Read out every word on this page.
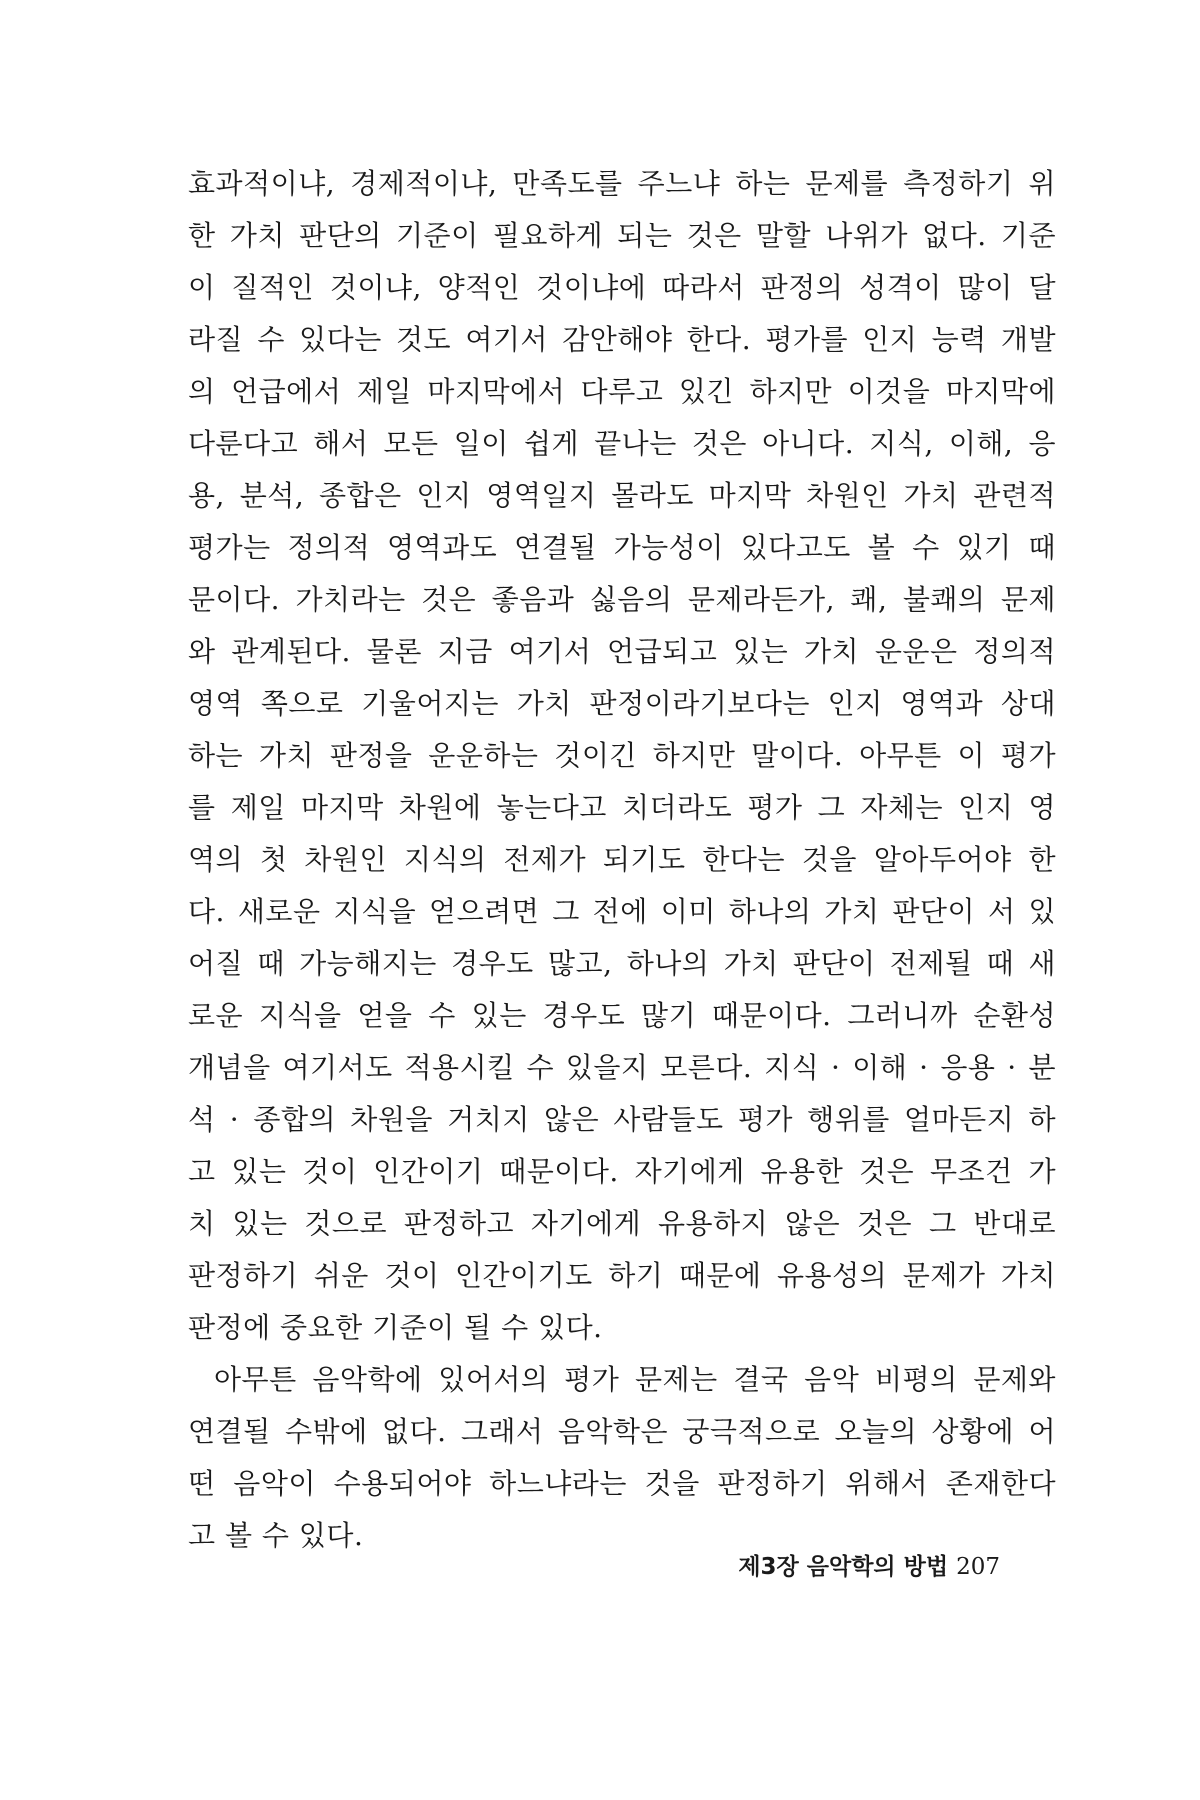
효과적이냐, 경제적이냐, 만족도를 주느냐 하는 문제를 측정하기 위
한 가치 판단의 기준이 필요하게 되는 것은 말할 나위가 없다. 기준
이 질적인 것이냐, 양적인 것이냐에 따라서 판정의 성격이 많이 달
라질 수 있다는 것도 여기서 감안해야 한다. 평가를 인지 능력 개발
의 언급에서 제일 마지막에서 다루고 있긴 하지만 이것을 마지막에
다룬다고 해서 모든 일이 쉽게 끝나는 것은 아니다. 지식, 이해, 응
용, 분석, 종합은 인지 영역일지 몰라도 마지막 차원인 가치 관련적
평가는 정의적 영역과도 연결될 가능성이 있다고도 볼 수 있기 때
문이다. 가치라는 것은 좋음과 싫음의 문제라든가, 쾌, 불쾌의 문제
와 관계된다. 물론 지금 여기서 언급되고 있는 가치 운운은 정의적
영역 쪽으로 기울어지는 가치 판정이라기보다는 인지 영역과 상대
하는 가치 판정을 운운하는 것이긴 하지만 말이다. 아무튼 이 평가
를 제일 마지막 차원에 놓는다고 치더라도 평가 그 자체는 인지 영
역의 첫 차원인 지식의 전제가 되기도 한다는 것을 알아두어야 한
다. 새로운 지식을 얻으려면 그 전에 이미 하나의 가치 판단이 서 있
어질 때 가능해지는 경우도 많고, 하나의 가치 판단이 전제될 때 새
로운 지식을 얻을 수 있는 경우도 많기 때문이다. 그러니까 순환성
개념을 여기서도 적용시킬 수 있을지 모른다. 지식 · 이해 · 응용 · 분
석 · 종합의 차원을 거치지 않은 사람들도 평가 행위를 얼마든지 하
고 있는 것이 인간이기 때문이다. 자기에게 유용한 것은 무조건 가
치 있는 것으로 판정하고 자기에게 유용하지 않은 것은 그 반대로
판정하기 쉬운 것이 인간이기도 하기 때문에 유용성의 문제가 가치
판정에 중요한 기준이 될 수 있다.
아무튼 음악학에 있어서의 평가 문제는 결국 음악 비평의 문제와
연결될 수밖에 없다. 그래서 음악학은 궁극적으로 오늘의 상황에 어
떤 음악이 수용되어야 하느냐라는 것을 판정하기 위해서 존재한다
고 볼 수 있다.
제3장 음악학의 방법 207
